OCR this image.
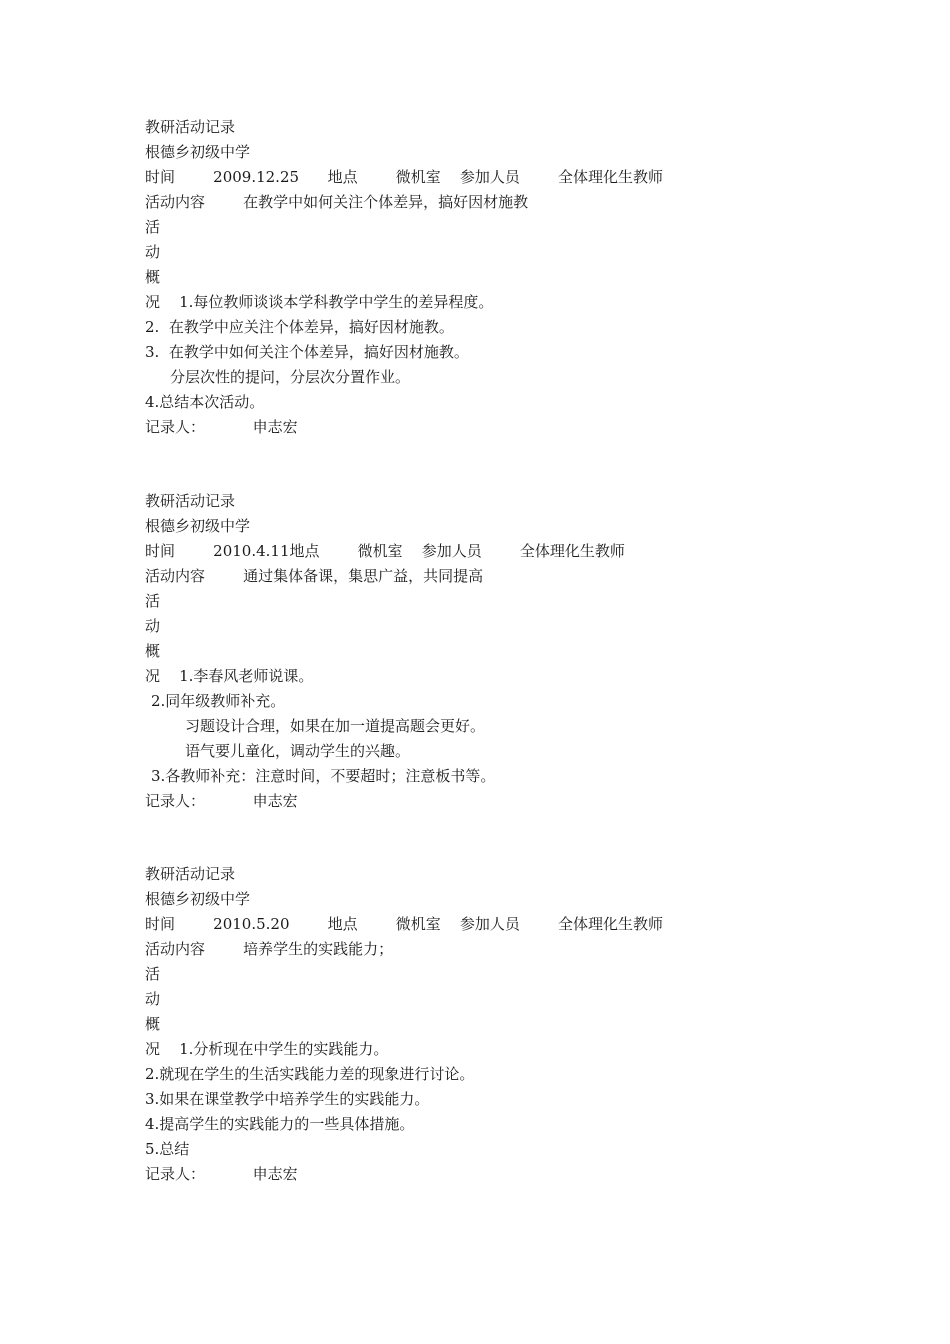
教研活动记录
根德乡初级中学
时间        2009.12.25      地点        微机室    参加人员        全体理化生教师
活动内容        在教学中如何关注个体差异，搞好因材施教
活
动
概
况    1.每位教师谈谈本学科教学中学生的差异程度。
2.  在教学中应关注个体差异，搞好因材施教。
3.  在教学中如何关注个体差异，搞好因材施教。
分层次性的提问，分层次分置作业。
4.总结本次活动。
记录人：          申志宏
教研活动记录
根德乡初级中学
时间        2010.4.11地点        微机室    参加人员        全体理化生教师
活动内容        通过集体备课，集思广益，共同提高
活
动
概
况    1.李春风老师说课。
2.同年级教师补充。
习题设计合理，如果在加一道提高题会更好。
语气要儿童化，调动学生的兴趣。
3.各教师补充：注意时间，不要超时；注意板书等。
记录人：          申志宏
教研活动记录
根德乡初级中学
时间        2010.5.20        地点        微机室    参加人员        全体理化生教师
活动内容        培养学生的实践能力；
活
动
概
况    1.分析现在中学生的实践能力。
2.就现在学生的生活实践能力差的现象进行讨论。
3.如果在课堂教学中培养学生的实践能力。
4.提高学生的实践能力的一些具体措施。
5.总结
记录人：          申志宏
